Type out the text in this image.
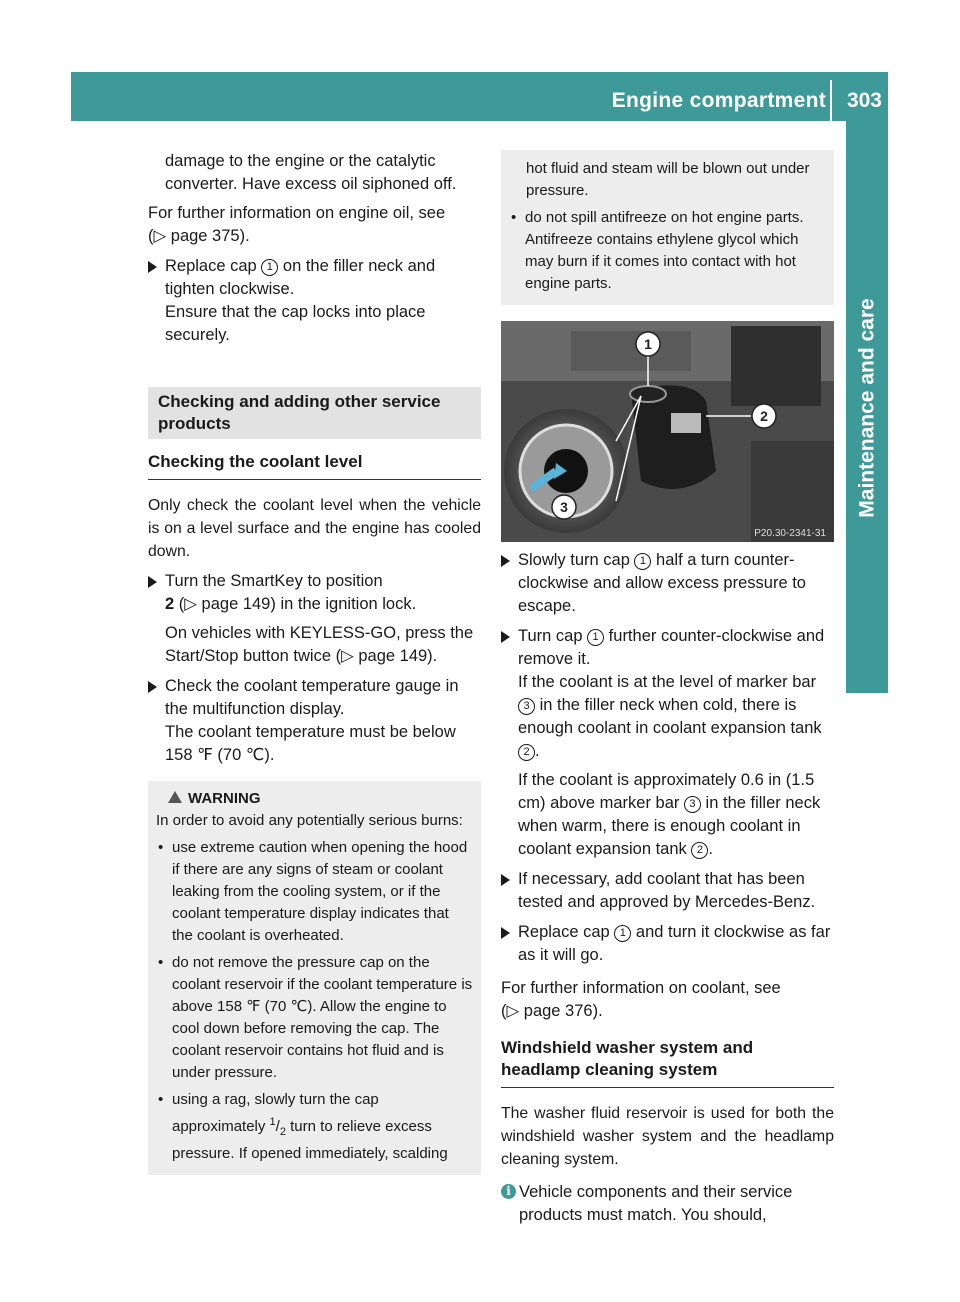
Engine compartment 303
Maintenance and care

damage to the engine or the catalytic converter. Have excess oil siphoned off.

For further information on engine oil, see
(▷ page 375).

Replace cap 1 on the filler neck and tighten clockwise.
Ensure that the cap locks into place securely.
Checking and adding other service products
Checking the coolant level

Only check the coolant level when the vehicle is on a level surface and the engine has cooled down.

Turn the SmartKey to position
2 (▷ page 149) in the ignition lock.

On vehicles with KEYLESS-GO, press the Start/Stop button twice (▷ page 149).

Check the coolant temperature gauge in the multifunction display.
The coolant temperature must be below 158 ℉ (70 ℃).
WARNING

In order to avoid any potentially serious burns:

• use extreme caution when opening the hood if there are any signs of steam or coolant leaking from the cooling system, or if the coolant temperature display indicates that the coolant is overheated.
• do not remove the pressure cap on the coolant reservoir if the coolant temperature is above 158 ℉ (70 ℃). Allow the engine to cool down before removing the cap. The coolant reservoir contains hot fluid and is under pressure.
• using a rag, slowly turn the cap approximately $^1/_2$ turn to relieve excess pressure. If opened immediately, scalding

hot fluid and steam will be blown out under pressure.

• do not spill antifreeze on hot engine parts. Antifreeze contains ethylene glycol which may burn if it comes into contact with hot engine parts.
1
2
3
P20.30-2341-31
Slowly turn cap 1 half a turn counter-clockwise and allow excess pressure to escape.
Turn cap 1 further counter-clockwise and remove it.
If the coolant is at the level of marker bar 3 in the filler neck when cold, there is enough coolant in coolant expansion tank 2 .

If the coolant is approximately 0.6 in (1.5 cm) above marker bar 3 in the filler neck when warm, there is enough coolant in coolant expansion tank 2 .

If necessary, add coolant that has been tested and approved by Mercedes-Benz.
Replace cap 1 and turn it clockwise as far as it will go.

For further information on coolant, see
(▷ page 376).

Windshield washer system and headlamp cleaning system

The washer fluid reservoir is used for both the windshield washer system and the headlamp cleaning system.

i Vehicle components and their service products must match. You should,
